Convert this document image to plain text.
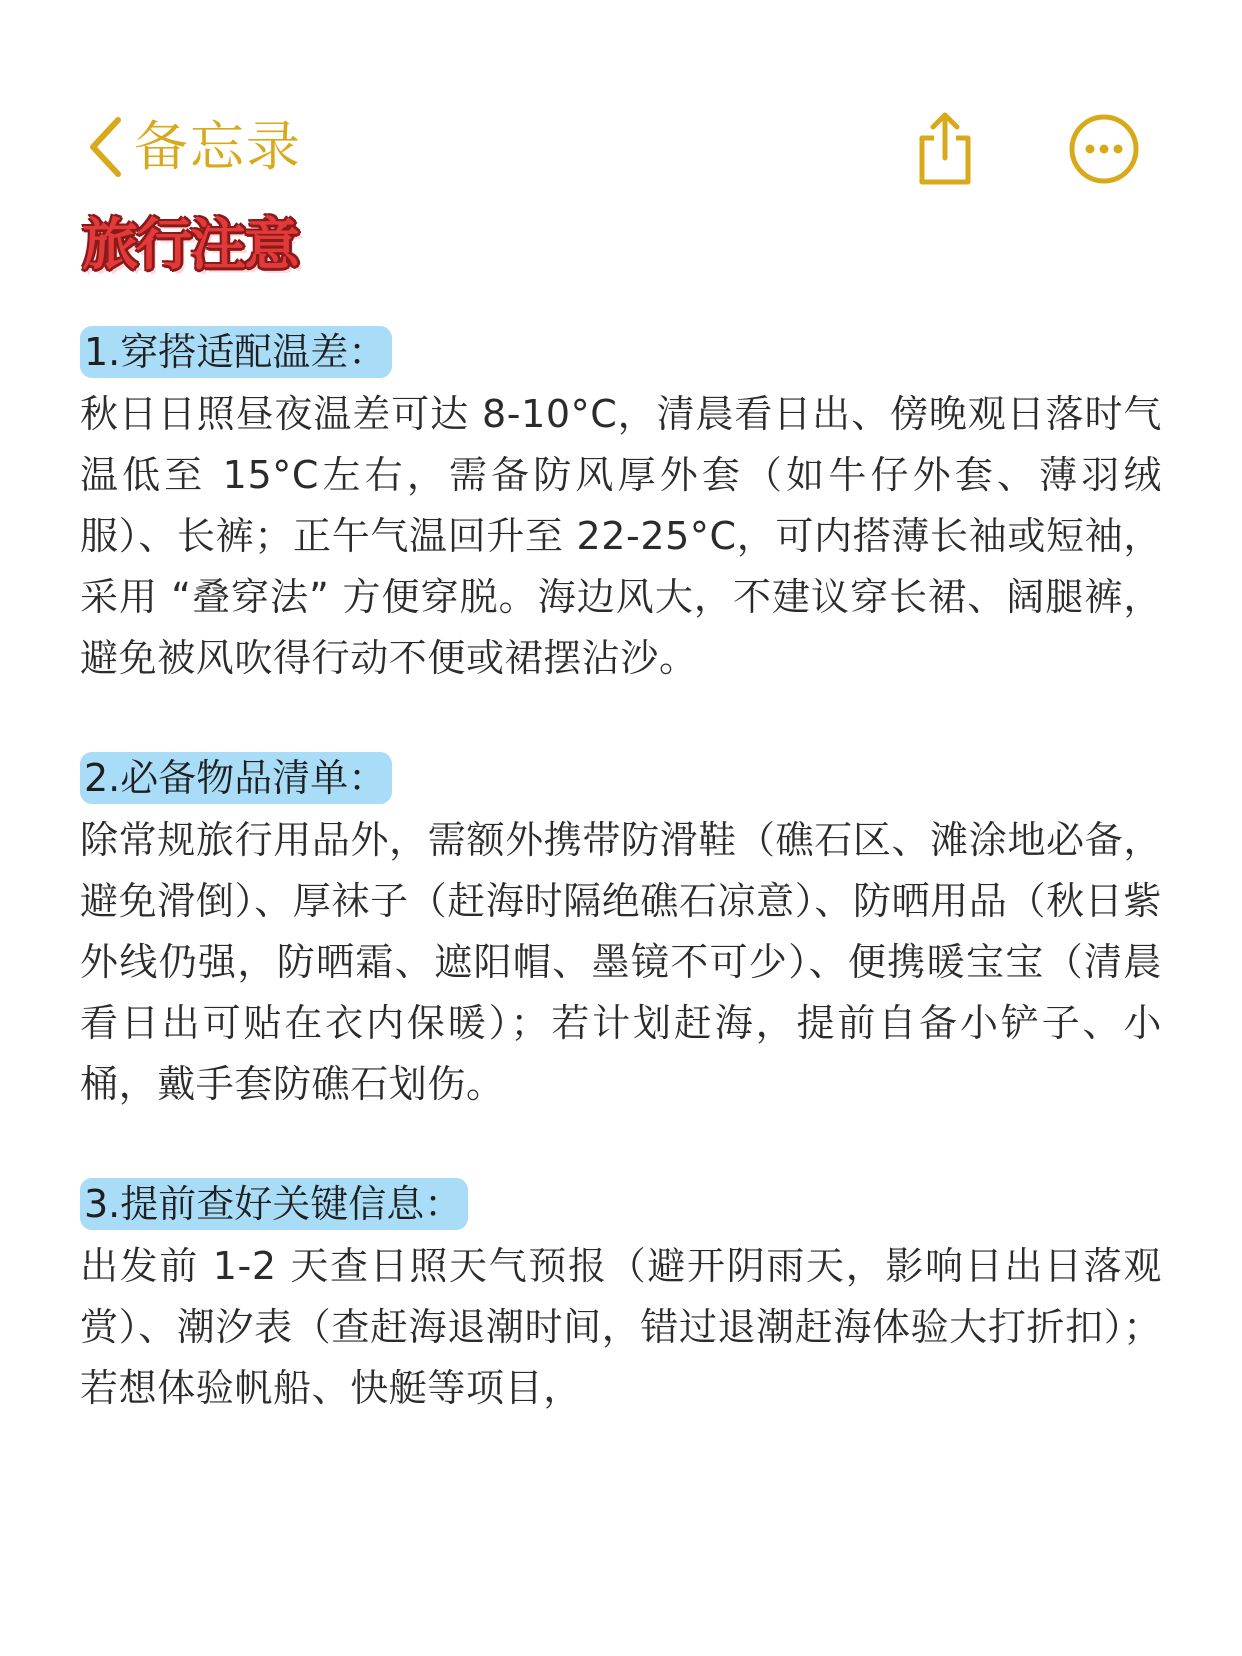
备忘录
旅行注意
1.穿搭适配温差：

秋日日照昼夜温差可达 8-10°C，清晨看日出、傍晚观日落时气温低至 15°C左右，需备防风厚外套（如牛仔外套、薄羽绒服）、长裤；正午气温回升至 22-25°C，可内搭薄长袖或短袖，采用 “叠穿法” 方便穿脱。海边风大，不建议穿长裙、阔腿裤，避免被风吹得行动不便或裙摆沾沙。

2.必备物品清单：

除常规旅行用品外，需额外携带防滑鞋（礁石区、滩涂地必备，避免滑倒）、厚袜子（赶海时隔绝礁石凉意）、防晒用品（秋日紫外线仍强，防晒霜、遮阳帽、墨镜不可少）、便携暖宝宝（清晨看日出可贴在衣内保暖）；若计划赶海，提前自备小铲子、小桶，戴手套防礁石划伤。

3.提前查好关键信息：

出发前 1-2 天查日照天气预报（避开阴雨天，影响日出日落观赏）、潮汐表（查赶海退潮时间，错过退潮赶海体验大打折扣）；若想体验帆船、快艇等项目，
